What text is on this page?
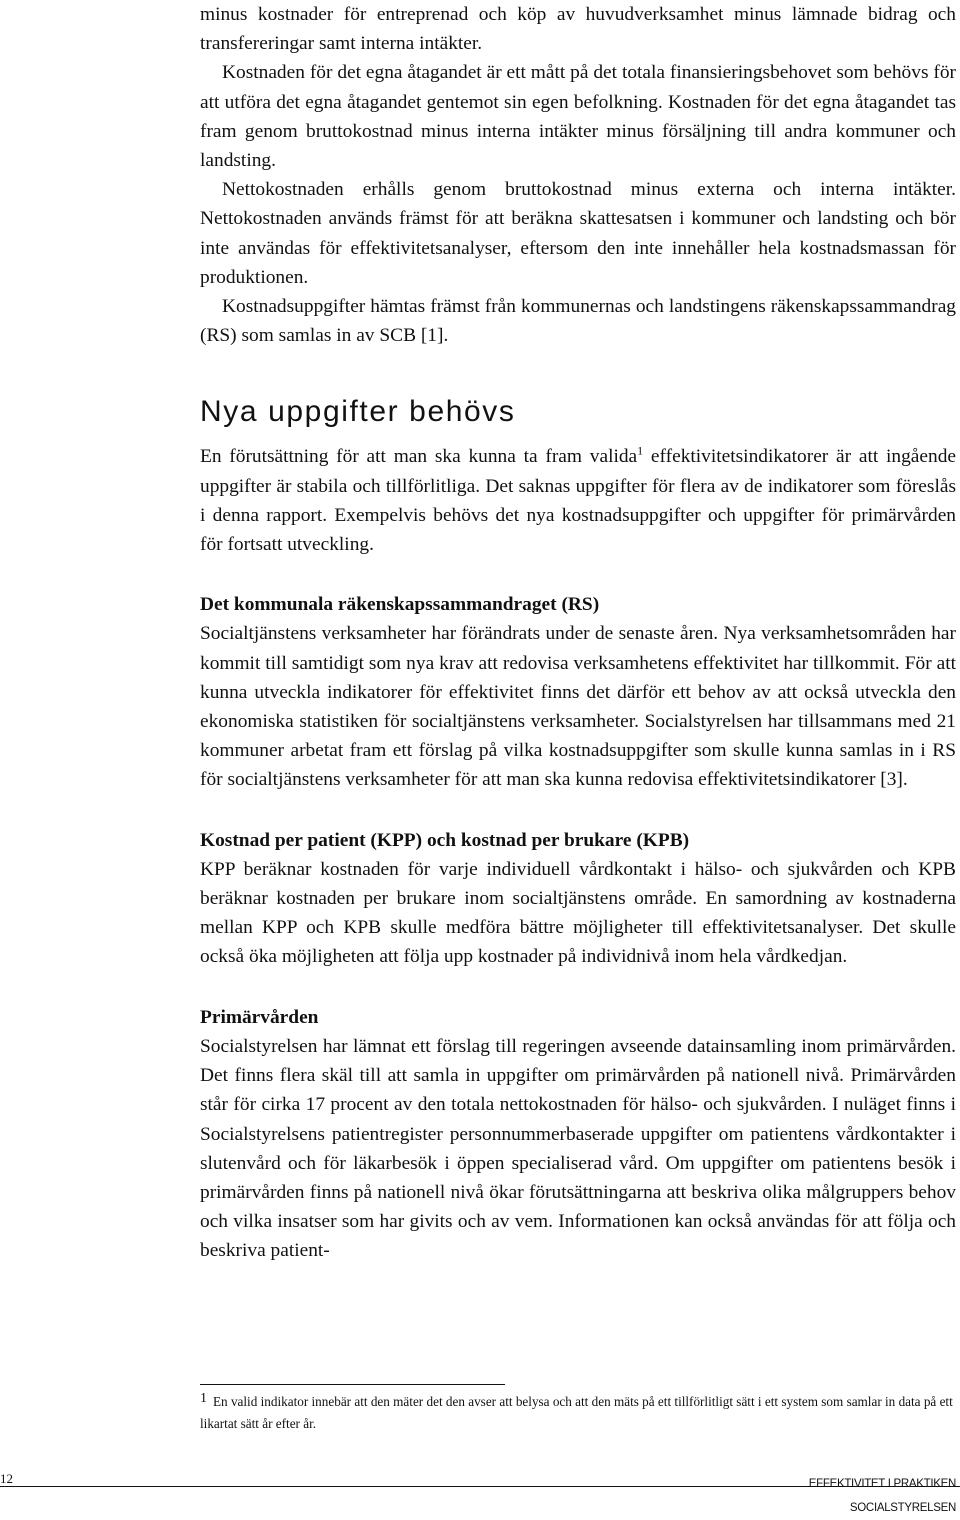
minus kostnader för entreprenad och köp av huvudverksamhet minus lämnade bidrag och transfereringar samt interna intäkter.

Kostnaden för det egna åtagandet är ett mått på det totala finansieringsbehovet som behövs för att utföra det egna åtagandet gentemot sin egen befolkning. Kostnaden för det egna åtagandet tas fram genom bruttokostnad minus interna intäkter minus försäljning till andra kommuner och landsting.

Nettokostnaden erhålls genom bruttokostnad minus externa och interna intäkter. Nettokostnaden används främst för att beräkna skattesatsen i kommuner och landsting och bör inte användas för effektivitetsanalyser, eftersom den inte innehåller hela kostnadsmassan för produktionen.

Kostnadsuppgifter hämtas främst från kommunernas och landstingens räkenskapssammandrag (RS) som samlas in av SCB [1].

Nya uppgifter behövs

En förutsättning för att man ska kunna ta fram valida$^1$ effektivitetsindikatorer är att ingående uppgifter är stabila och tillförlitliga. Det saknas uppgifter för flera av de indikatorer som föreslås i denna rapport. Exempelvis behövs det nya kostnadsuppgifter och uppgifter för primärvården för fortsatt utveckling.

Det kommunala räkenskapssammandraget (RS)

Socialtjänstens verksamheter har förändrats under de senaste åren. Nya verksamhetsområden har kommit till samtidigt som nya krav att redovisa verksamhetens effektivitet har tillkommit. För att kunna utveckla indikatorer för effektivitet finns det därför ett behov av att också utveckla den ekonomiska statistiken för socialtjänstens verksamheter. Socialstyrelsen har tillsammans med 21 kommuner arbetat fram ett förslag på vilka kostnadsuppgifter som skulle kunna samlas in i RS för socialtjänstens verksamheter för att man ska kunna redovisa effektivitetsindikatorer [3].

Kostnad per patient (KPP) och kostnad per brukare (KPB)

KPP beräknar kostnaden för varje individuell vårdkontakt i hälso- och sjukvården och KPB beräknar kostnaden per brukare inom socialtjänstens område. En samordning av kostnaderna mellan KPP och KPB skulle medföra bättre möjligheter till effektivitetsanalyser. Det skulle också öka möjligheten att följa upp kostnader på individnivå inom hela vårdkedjan.

Primärvården

Socialstyrelsen har lämnat ett förslag till regeringen avseende datainsamling inom primärvården. Det finns flera skäl till att samla in uppgifter om primärvården på nationell nivå. Primärvården står för cirka 17 procent av den totala nettokostnaden för hälso- och sjukvården. I nuläget finns i Socialstyrelsens patientregister personnummerbaserade uppgifter om patientens vårdkontakter i slutenvård och för läkarbesök i öppen specialiserad vård. Om uppgifter om patientens besök i primärvården finns på nationell nivå ökar förutsättningarna att beskriva olika målgruppers behov och vilka insatser som har givits och av vem. Informationen kan också användas för att följa och beskriva patient-

1 En valid indikator innebär att den mäter det den avser att belysa och att den mäts på ett tillförlitligt sätt i ett system som samlar in data på ett likartat sätt år efter år.
12	EFFEKTIVITET I PRAKTIKEN
SOCIALSTYRELSEN
